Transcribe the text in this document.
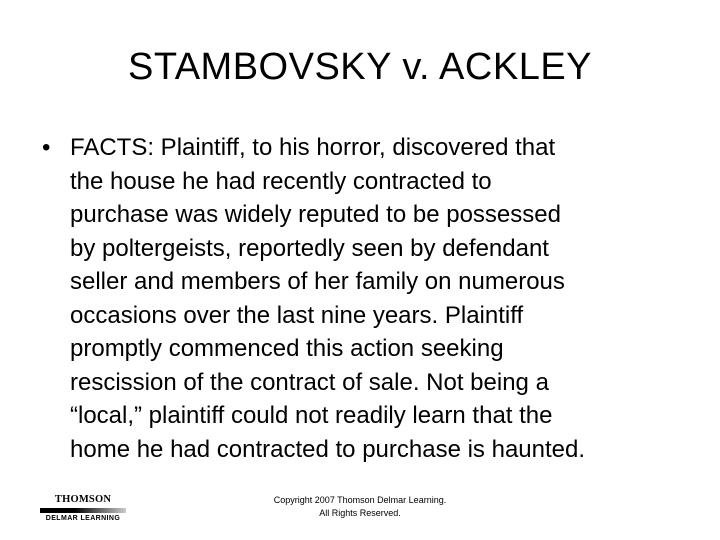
STAMBOVSKY v. ACKLEY
• FACTS: Plaintiff, to his horror, discovered that
the house he had recently contracted to
purchase was widely reputed to be possessed
by poltergeists, reportedly seen by defendant
seller and members of her family on numerous
occasions over the last nine years. Plaintiff
promptly commenced this action seeking
rescission of the contract of sale. Not being a
“local,” plaintiff could not readily learn that the
home he had contracted to purchase is haunted.
THOMSON
DELMAR LEARNING
Copyright 2007 Thomson Delmar Learning.
All Rights Reserved.
